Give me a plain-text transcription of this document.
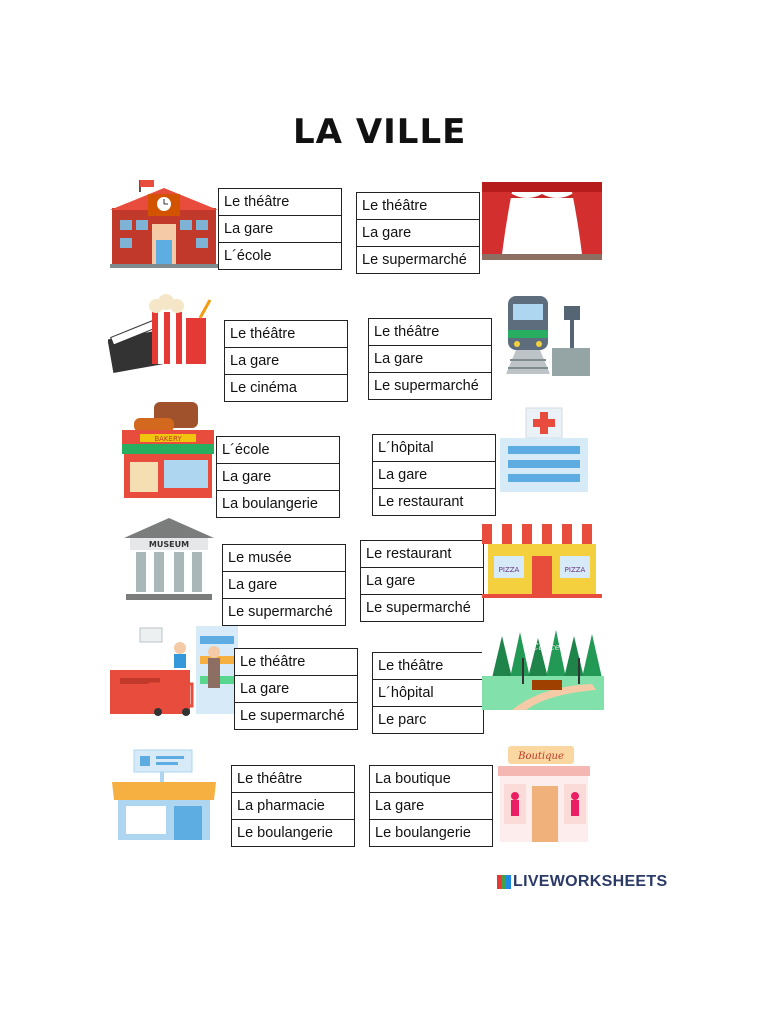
LA VILLE
Le théâtre
La gare
L´école
Le théâtre
La gare
Le supermarché
Le théâtre
La gare
Le cinéma
Le théâtre
La gare
Le supermarché
BAKERY
L´école
La gare
La boulangerie
L´hôpital
La gare
Le restaurant
MUSEUM
Le musée
La gare
Le supermarché
Le restaurant
La gare
Le supermarché
PIZZA	PIZZA
Le théâtre
La gare
Le supermarché
Le théâtre
L´hôpital
Le parc
Cancer
Le théâtre
La pharmacie
Le boulangerie
La boutique
La gare
Le boulangerie
Boutique
LIVEWORKSHEETS
